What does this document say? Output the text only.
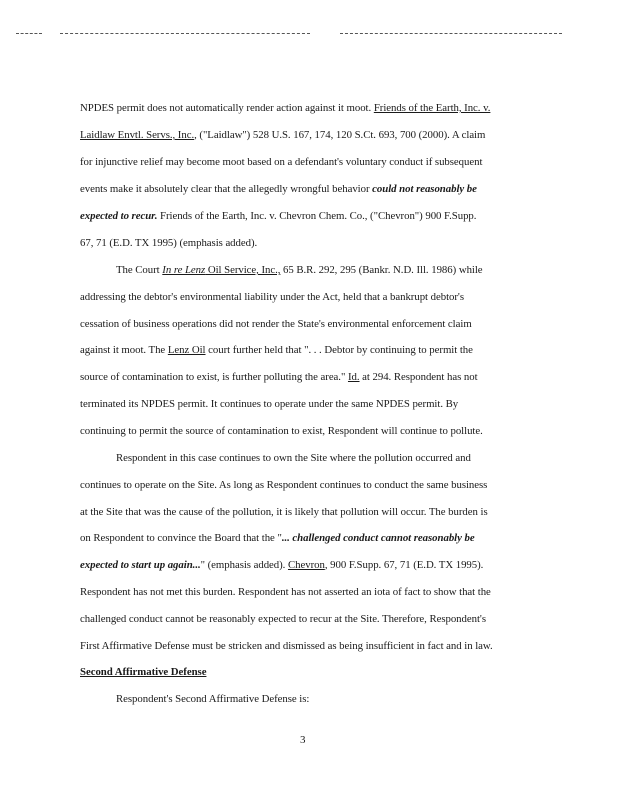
NPDES permit does not automatically render action against it moot. Friends of the Earth, Inc. v.
Laidlaw Envtl. Servs., Inc., ("Laidlaw") 528 U.S. 167, 174, 120 S.Ct. 693, 700 (2000). A claim
for injunctive relief may become moot based on a defendant's voluntary conduct if subsequent
events make it absolutely clear that the allegedly wrongful behavior could not reasonably be
expected to recur. Friends of the Earth, Inc. v. Chevron Chem. Co., ("Chevron") 900 F.Supp.
67, 71 (E.D. TX 1995) (emphasis added).
The Court In re Lenz Oil Service, Inc., 65 B.R. 292, 295 (Bankr. N.D. Ill. 1986) while
addressing the debtor's environmental liability under the Act, held that a bankrupt debtor's
cessation of business operations did not render the State's environmental enforcement claim
against it moot. The Lenz Oil court further held that ". . . Debtor by continuing to permit the
source of contamination to exist, is further polluting the area." Id. at 294. Respondent has not
terminated its NPDES permit. It continues to operate under the same NPDES permit. By
continuing to permit the source of contamination to exist, Respondent will continue to pollute.
Respondent in this case continues to own the Site where the pollution occurred and
continues to operate on the Site. As long as Respondent continues to conduct the same business
at the Site that was the cause of the pollution, it is likely that pollution will occur. The burden is
on Respondent to convince the Board that the "... challenged conduct cannot reasonably be
expected to start up again..." (emphasis added). Chevron, 900 F.Supp. 67, 71 (E.D. TX 1995).
Respondent has not met this burden. Respondent has not asserted an iota of fact to show that the
challenged conduct cannot be reasonably expected to recur at the Site. Therefore, Respondent's
First Affirmative Defense must be stricken and dismissed as being insufficient in fact and in law.
Second Affirmative Defense
Respondent's Second Affirmative Defense is:
3
